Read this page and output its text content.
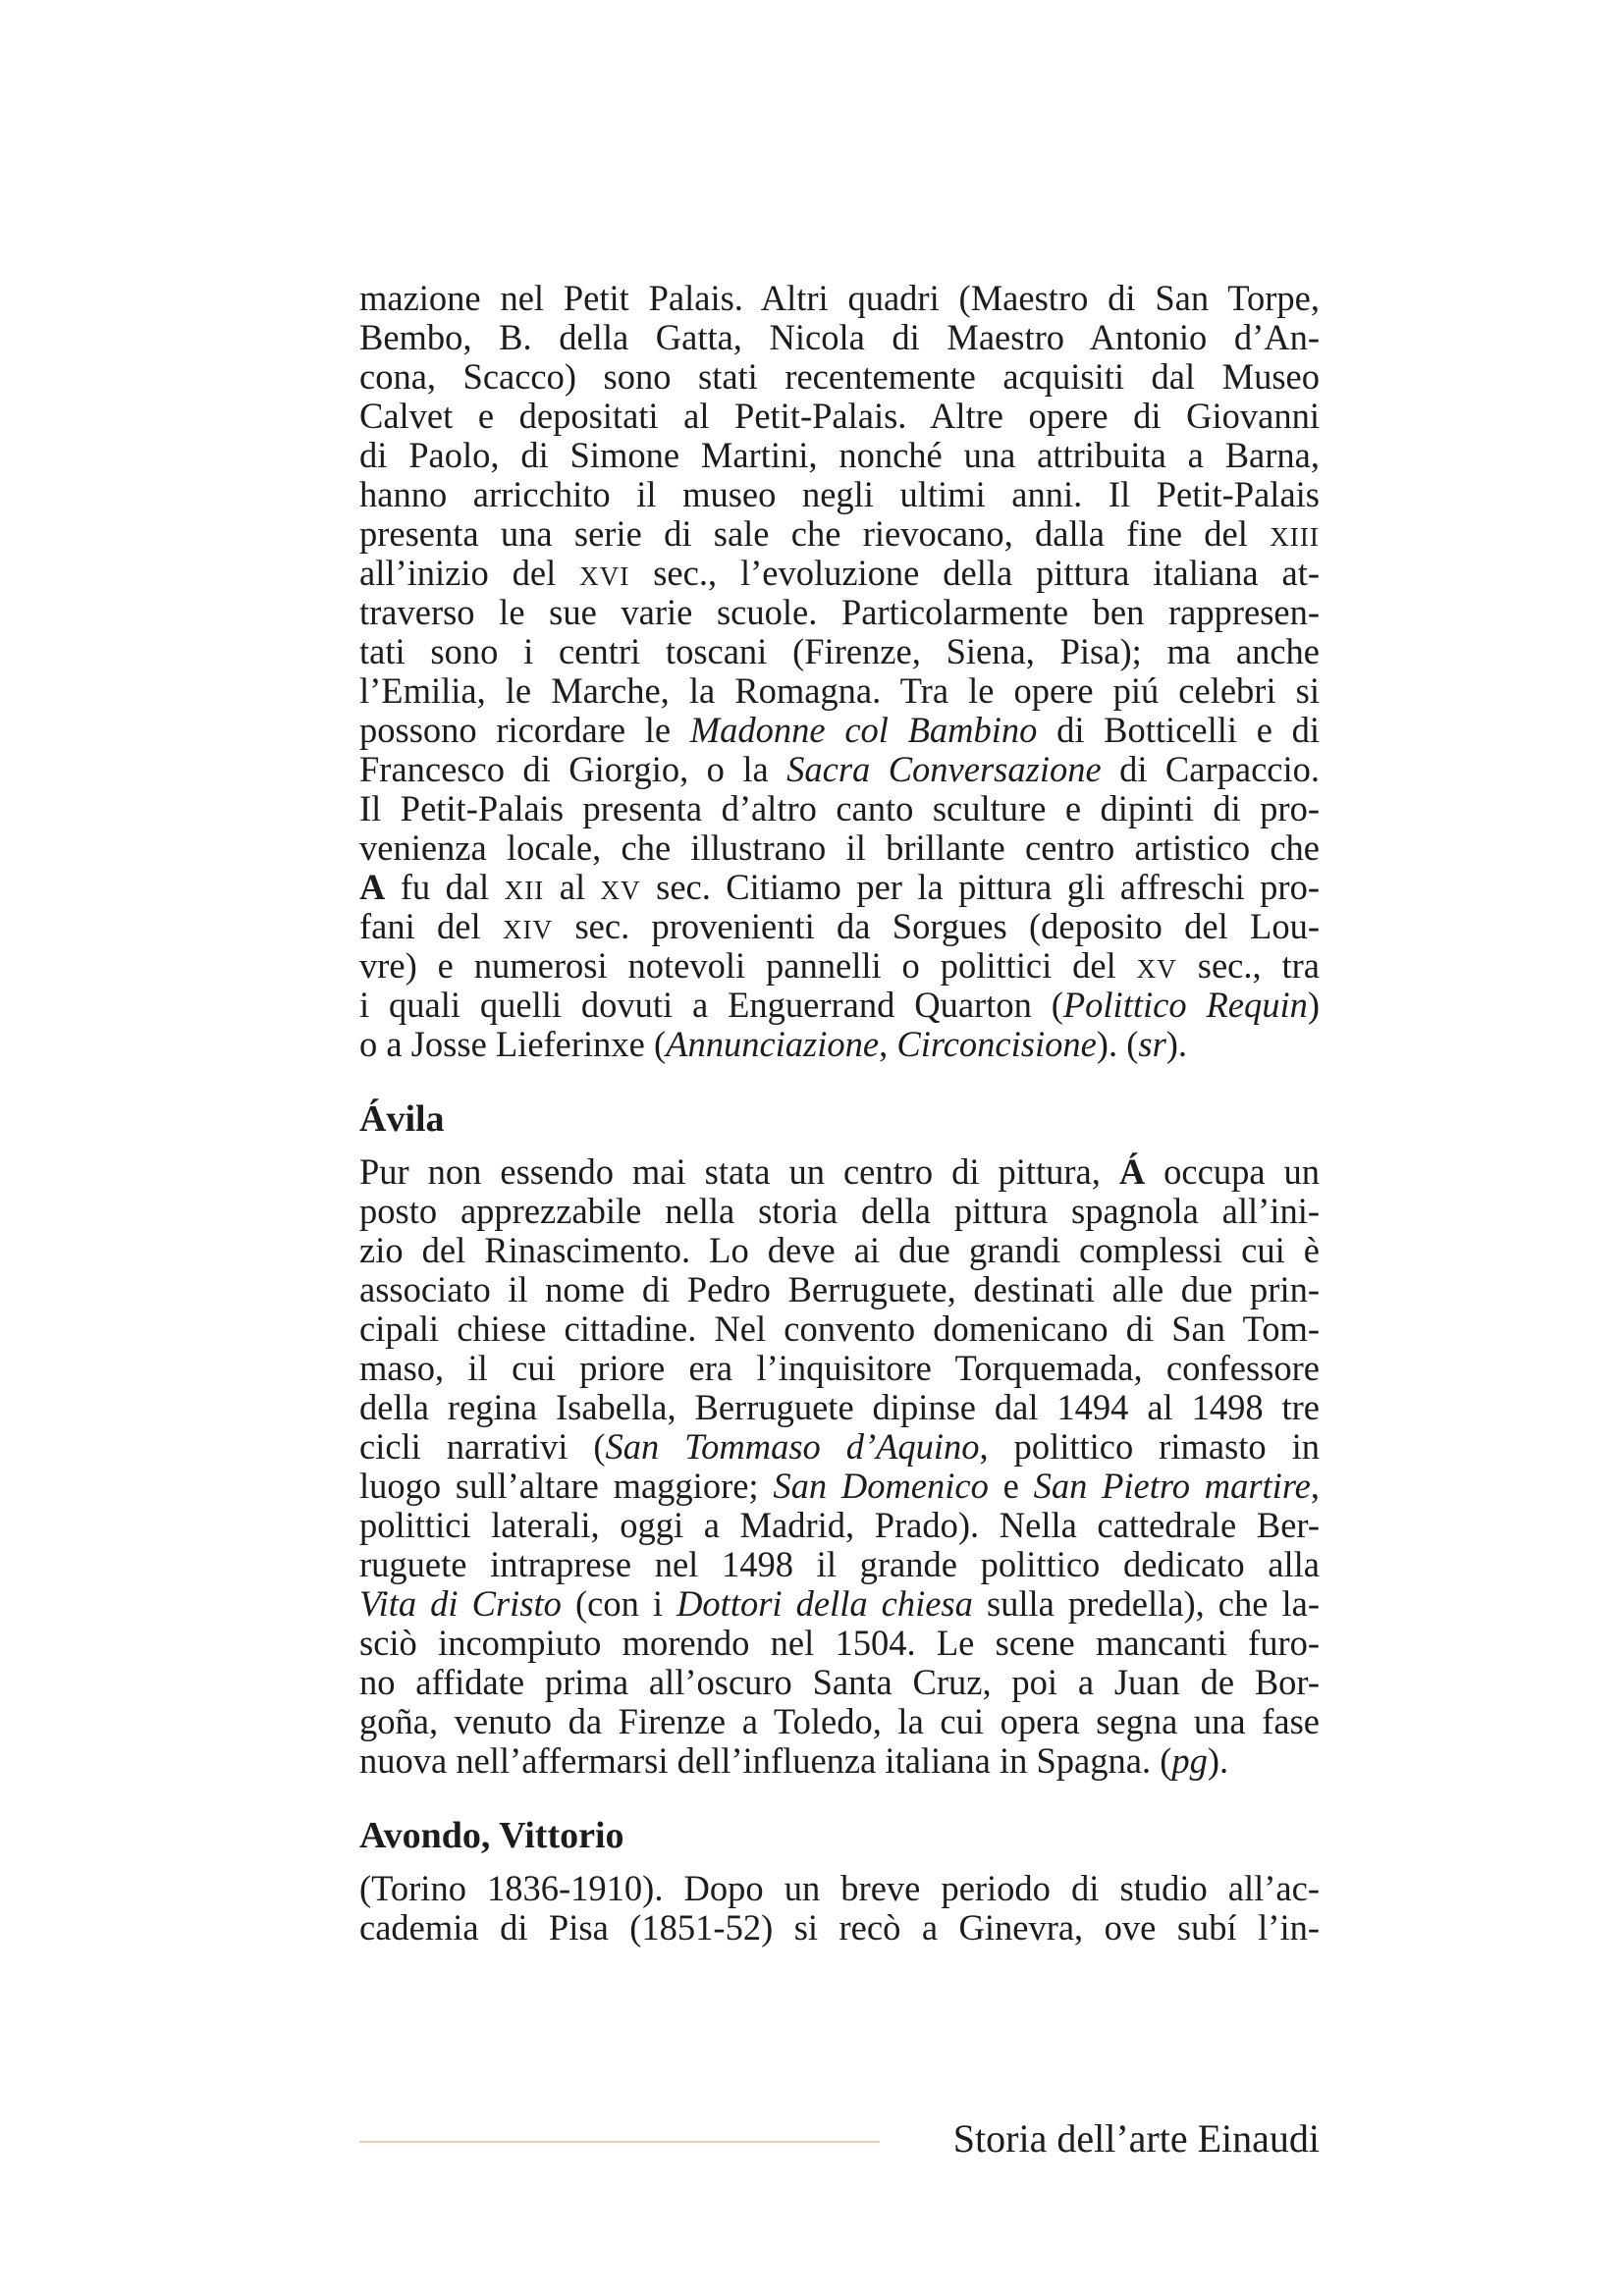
mazione nel Petit Palais. Altri quadri (Maestro di San Torpe,
Bembo, B. della Gatta, Nicola di Maestro Antonio d’An-
cona, Scacco) sono stati recentemente acquisiti dal Museo
Calvet e depositati al Petit-Palais. Altre opere di Giovanni
di Paolo, di Simone Martini, nonché una attribuita a Barna,
hanno arricchito il museo negli ultimi anni. Il Petit-Palais
presenta una serie di sale che rievocano, dalla fine del XIII
all’inizio del XVI sec., l’evoluzione della pittura italiana at-
traverso le sue varie scuole. Particolarmente ben rappresen-
tati sono i centri toscani (Firenze, Siena, Pisa); ma anche
l’Emilia, le Marche, la Romagna. Tra le opere piú celebri si
possono ricordare le Madonne col Bambino di Botticelli e di
Francesco di Giorgio, o la Sacra Conversazione di Carpaccio.
Il Petit-Palais presenta d’altro canto sculture e dipinti di pro-
venienza locale, che illustrano il brillante centro artistico che
A fu dal XII al XV sec. Citiamo per la pittura gli affreschi pro-
fani del XIV sec. provenienti da Sorgues (deposito del Lou-
vre) e numerosi notevoli pannelli o polittici del XV sec., tra
i quali quelli dovuti a Enguerrand Quarton (Polittico Requin)
o a Josse Lieferinxe (Annunciazione, Circoncisione). (sr).
Ávila
Pur non essendo mai stata un centro di pittura, Á occupa un
posto apprezzabile nella storia della pittura spagnola all’ini-
zio del Rinascimento. Lo deve ai due grandi complessi cui è
associato il nome di Pedro Berruguete, destinati alle due prin-
cipali chiese cittadine. Nel convento domenicano di San Tom-
maso, il cui priore era l’inquisitore Torquemada, confessore
della regina Isabella, Berruguete dipinse dal 1494 al 1498 tre
cicli narrativi (San Tommaso d’Aquino, polittico rimasto in
luogo sull’altare maggiore; San Domenico e San Pietro martire,
polittici laterali, oggi a Madrid, Prado). Nella cattedrale Ber-
ruguete intraprese nel 1498 il grande polittico dedicato alla
Vita di Cristo (con i Dottori della chiesa sulla predella), che la-
sciò incompiuto morendo nel 1504. Le scene mancanti furo-
no affidate prima all’oscuro Santa Cruz, poi a Juan de Bor-
goña, venuto da Firenze a Toledo, la cui opera segna una fase
nuova nell’affermarsi dell’influenza italiana in Spagna. (pg).
Avondo, Vittorio
(Torino 1836-1910). Dopo un breve periodo di studio all’ac-
cademia di Pisa (1851-52) si recò a Ginevra, ove subí l’in-
Storia dell’arte Einaudi
